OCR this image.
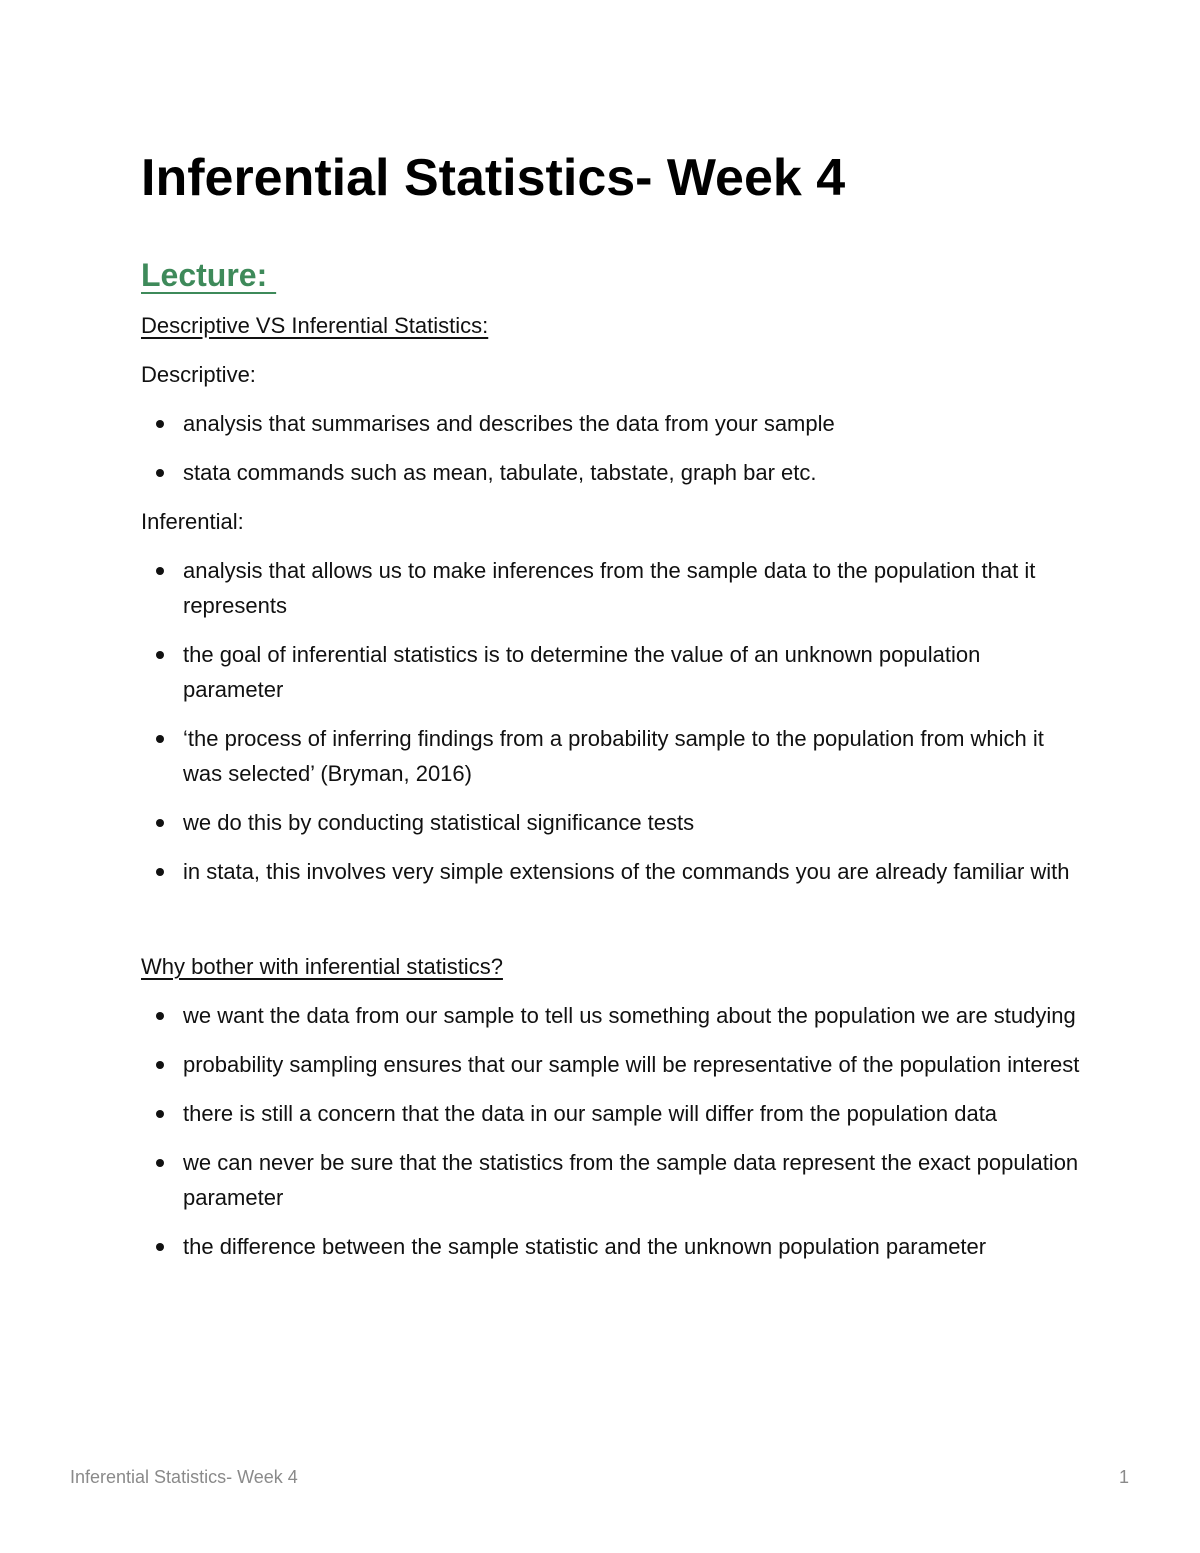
Inferential Statistics- Week 4
Lecture:

Descriptive VS Inferential Statistics:

Descriptive:

analysis that summarises and describes the data from your sample
stata commands such as mean, tabulate, tabstate, graph bar etc.

Inferential:

analysis that allows us to make inferences from the sample data to the population that it represents
the goal of inferential statistics is to determine the value of an unknown population parameter
‘the process of inferring findings from a probability sample to the population from which it was selected’ (Bryman, 2016)
we do this by conducting statistical significance tests
in stata, this involves very simple extensions of the commands you are already familiar with

Why bother with inferential statistics?

we want the data from our sample to tell us something about the population we are studying
probability sampling ensures that our sample will be representative of the population interest
there is still a concern that the data in our sample will differ from the population data
we can never be sure that the statistics from the sample data represent the exact population parameter
the difference between the sample statistic and the unknown population parameter
Inferential Statistics- Week 4	1
